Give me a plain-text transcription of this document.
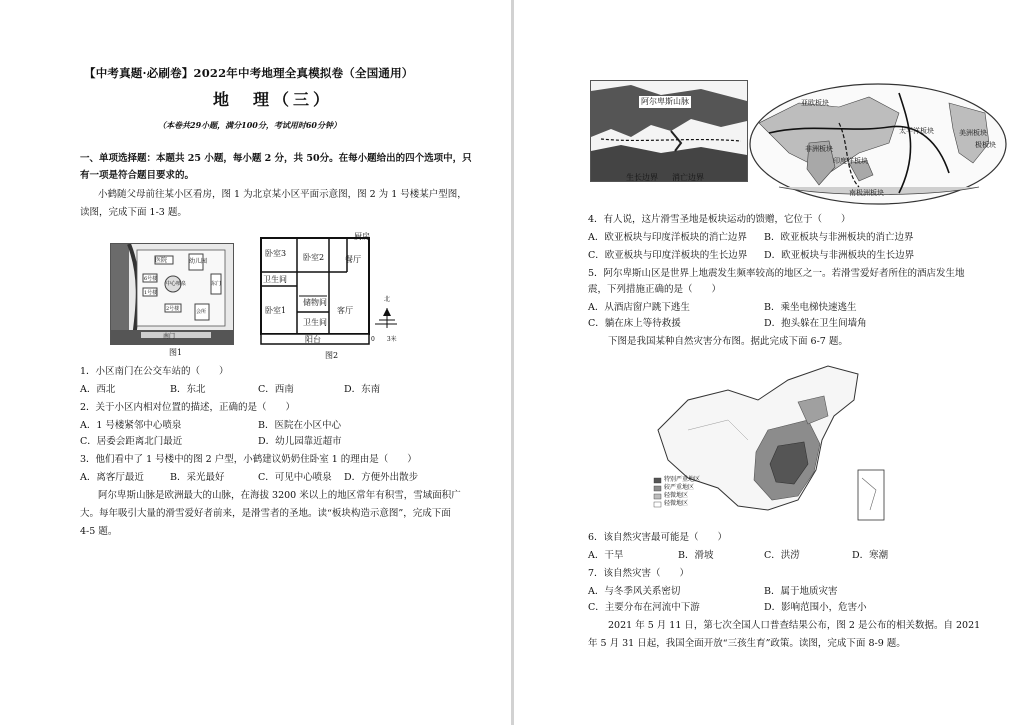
【中考真题·必刷卷】2022年中考地理全真模拟卷（全国通用）
地　理（三）
（本卷共29小题，满分100分，考试用时60分钟）
一、单项选择题：本题共 25 小题，每小题 2 分，共 50分。在每小题给出的四个选项中，只
有一项是符合题目要求的。
小鹤随父母前往某小区看房，图 1 为北京某小区平面示意图，图 2 为 1 号楼某户型图，
读图，完成下面 1-3 题。
医院	幼儿园
中心喷泉
6号楼
1号楼
2号楼	会所
东门
南门
图1
卧室3 卧室2
厨房
餐厅
卫生间
储物间
卧室1	客厅
卫生间
阳台
北
0　　3米
图2
1．小区南门在公交车站的（　　）
A．西北	B．东北	C．西南	D．东南
2．关于小区内相对位置的描述，正确的是（　　）
A．1 号楼紧邻中心喷泉	B．医院在小区中心
C．居委会距离北门最近	D．幼儿园靠近超市
3．他们看中了 1 号楼中的图 2 户型，小鹤建议奶奶住卧室 1 的理由是（　　）
A．离客厅最近	B．采光最好	C．可见中心喷泉 D．方便外出散步
阿尔卑斯山脉是欧洲最大的山脉，在海拔 3200 米以上的地区常年有积雪，雪域面积广
大。每年吸引大量的滑雪爱好者前来，是滑雪者的圣地。读“板块构造示意图”，完成下面
4-5 题。
阿尔卑斯山脉
生长边界 消亡边界
亚欧板块
非洲板块
太平洋板块
印度洋板块
美洲板块
南极洲板块
极板块
4．有人说，这片滑雪圣地是板块运动的馈赠，它位于（　　）
A．欧亚板块与印度洋板块的消亡边界 B．欧亚板块与非洲板块的消亡边界
C．欧亚板块与印度洋板块的生长边界 D．欧亚板块与非洲板块的生长边界
5．阿尔卑斯山区是世界上地震发生频率较高的地区之一。若滑雪爱好者所住的酒店发生地
震，下列措施正确的是（　　）
A．从酒店窗户跳下逃生	B．乘坐电梯快速逃生
C．躺在床上等待救援	D．抱头躲在卫生间墙角
下图是我国某种自然灾害分布图。据此完成下面 6-7 题。
特别严重地区
较严重地区
轻微地区
轻微地区
6．该自然灾害最可能是（　　）
A．干旱	B．滑坡	C．洪涝	D．寒潮
7．该自然灾害（　　）
A．与冬季风关系密切	B．属于地质灾害
C．主要分布在河流中下游	D．影响范围小，危害小
2021 年 5 月 11 日，第七次全国人口普查结果公布，图 2 是公布的相关数据。自 2021
年 5 月 31 日起，我国全面开放“三孩生育”政策。读图，完成下面 8-9 题。
